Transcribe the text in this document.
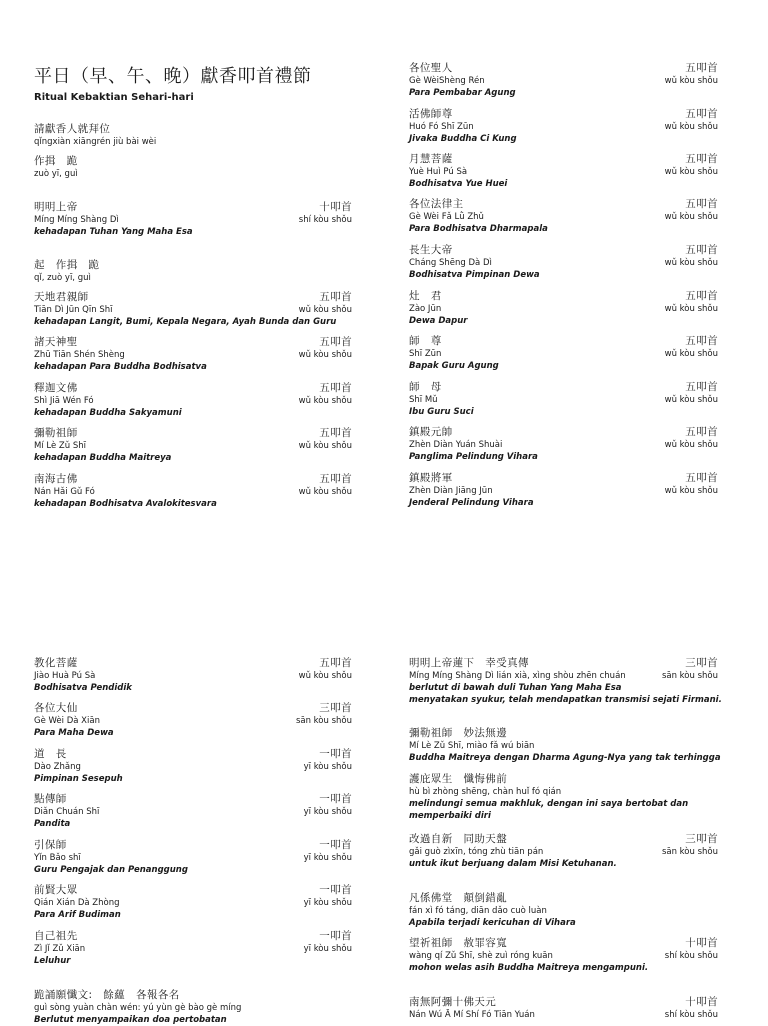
平日（早、午、晚）獻香叩首禮節
Ritual Kebaktian Sehari-hari
請獻香人就拜位
qǐngxiàn xiāngrén jiù bài wèi
作揖　跪
zuò yī, guì
明明上帝	十叩首
Míng Míng Shàng Dì	shí kòu shǒu
kehadapan Tuhan Yang Maha Esa
起　作揖　跪
qǐ, zuò yī, guì
天地君親師	五叩首
Tiān Dì Jūn Qīn Shī	wǔ kòu shǒu
kehadapan Langit, Bumi, Kepala Negara, Ayah Bunda dan Guru
諸天神聖	五叩首
Zhū Tiān Shén Shèng	wǔ kòu shǒu
kehadapan Para Buddha Bodhisatva
釋迦文佛	五叩首
Shì Jiā Wén Fó	wǔ kòu shǒu
kehadapan Buddha Sakyamuni
彌勒祖師	五叩首
Mí Lè Zǔ Shī	wǔ kòu shǒu
kehadapan Buddha Maitreya
南海古佛	五叩首
Nán Hǎi Gǔ Fó	wǔ kòu shǒu
kehadapan Bodhisatva Avalokitesvara
各位聖人	五叩首
Gè WèiShèng Rén	wǔ kòu shǒu
Para Pembabar Agung
活佛師尊	五叩首
Huó Fó Shī Zūn	wǔ kòu shǒu
Jivaka Buddha Ci Kung
月慧菩薩	五叩首
Yuè Huì Pú Sà	wǔ kòu shǒu
Bodhisatva Yue Huei
各位法律主	五叩首
Gè Wèi Fǎ Lǜ Zhǔ	wǔ kòu shǒu
Para Bodhisatva Dharmapala
長生大帝	五叩首
Cháng Shēng Dà Dì	wǔ kòu shǒu
Bodhisatva Pimpinan Dewa
灶　君	五叩首
Zào Jūn	wǔ kòu shǒu
Dewa Dapur
師　尊	五叩首
Shī Zūn	wǔ kòu shǒu
Bapak Guru Agung
師　母	五叩首
Shī Mǔ	wǔ kòu shǒu
Ibu Guru Suci
鎮殿元帥	五叩首
Zhèn Diàn Yuán Shuài	wǔ kòu shǒu
Panglima Pelindung Vihara
鎮殿將軍	五叩首
Zhèn Diàn Jiāng Jūn	wǔ kòu shǒu
Jenderal Pelindung Vihara
教化菩薩	五叩首
Jiào Huà Pú Sà	wǔ kòu shǒu
Bodhisatva Pendidik
各位大仙	三叩首
Gè Wèi Dà Xiān	sān kòu shǒu
Para Maha Dewa
道　長	一叩首
Dào Zhǎng	yī kòu shǒu
Pimpinan Sesepuh
點傳師	一叩首
Diǎn Chuán Shī	yī kòu shǒu
Pandita
引保師	一叩首
Yǐn Bǎo shī	yī kòu shǒu
Guru Pengajak dan Penanggung
前賢大眾	一叩首
Qián Xián Dà Zhòng	yī kòu shǒu
Para Arif Budiman
自己祖先	一叩首
Zì Jǐ Zǔ Xiān	yī kòu shǒu
Leluhur
跪誦願懺文:　餘蘊　各報各名
guì sòng yuàn chàn wén: yú yùn gè bào gè míng
Berlutut menyampaikan doa pertobatan
明明上帝蓮下　幸受真傳	三叩首
Míng Míng Shàng Dì lián xià, xìng shòu zhēn chuán	sān kòu shǒu
berlutut di bawah duli Tuhan Yang Maha Esa
menyatakan syukur, telah mendapatkan transmisi sejati Firmani.
彌勒祖師　妙法無邊
Mí Lè Zǔ Shī, miào fǎ wú biān
Buddha Maitreya dengan Dharma Agung-Nya yang tak terhingga
護庇眾生　懺悔佛前
hù bì zhòng shēng, chàn huǐ fó qián
melindungi semua makhluk, dengan ini saya bertobat dan
memperbaiki diri
改過自新　同助天盤	三叩首
gǎi guò zìxīn, tóng zhù tiān pán	sān kòu shǒu
untuk ikut berjuang dalam Misi Ketuhanan.
凡係佛堂　顛倒錯亂
fán xì fó táng, diān dǎo cuò luàn
Apabila terjadi kericuhan di Vihara
望祈祖師　赦罪容寬	十叩首
wàng qí Zǔ Shī, shè zuì róng kuān	shí kòu shǒu
mohon welas asih Buddha Maitreya mengampuni.
南無阿彌十佛天元	十叩首
Nán Wú Ā Mí Shí Fó Tiān Yuán	shí kòu shǒu
